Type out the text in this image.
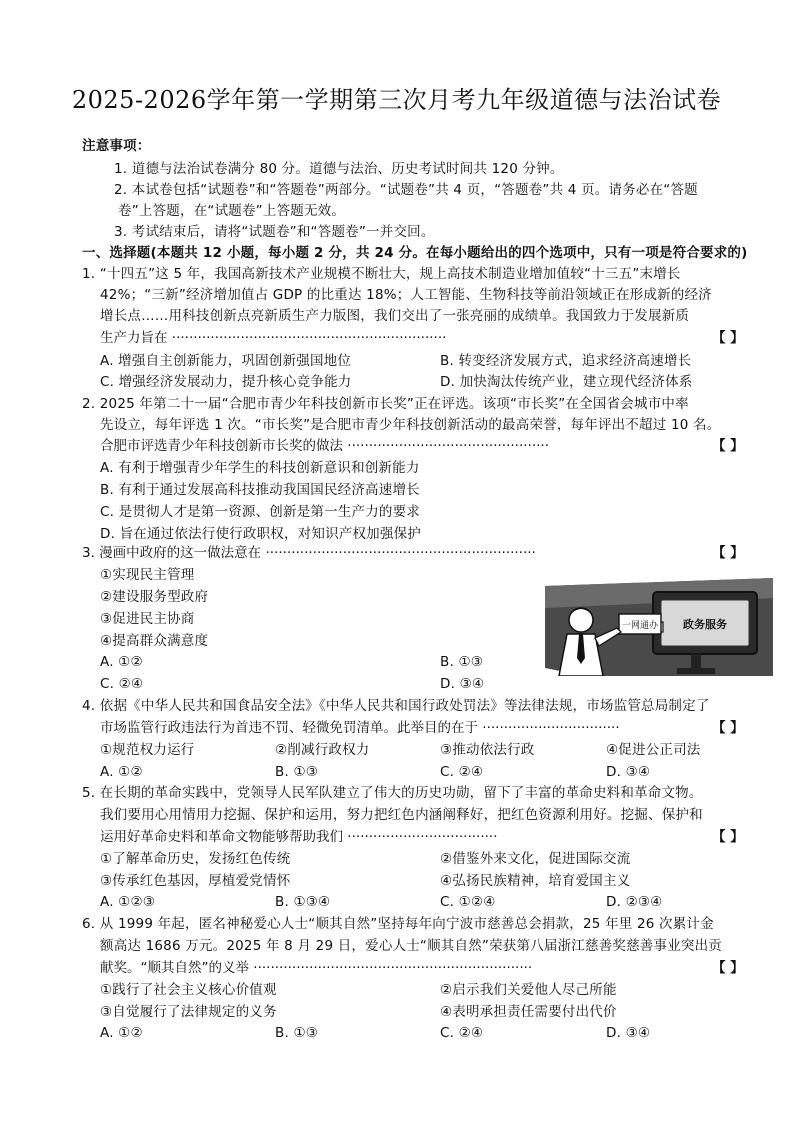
2025-2026学年第一学期第三次月考九年级道德与法治试卷
注意事项：
1. 道德与法治试卷满分 80 分。道德与法治、历史考试时间共 120 分钟。
2. 本试卷包括“试题卷”和“答题卷”两部分。“试题卷”共 4 页，“答题卷”共 4 页。请务必在“答题
卷”上答题，在“试题卷”上答题无效。
3. 考试结束后，请将“试题卷”和“答题卷”一并交回。
一、选择题(本题共 12 小题，每小题 2 分，共 24 分。在每小题给出的四个选项中，只有一项是符合要求的)
1. “十四五”这 5 年，我国高新技术产业规模不断壮大，规上高技术制造业增加值较“十三五”末增长
42%；“三新”经济增加值占 GDP 的比重达 18%；人工智能、生物科技等前沿领域正在形成新的经济
增长点……用科技创新点亮新质生产力版图，我们交出了一张亮丽的成绩单。我国致力于发展新质
生产力旨在 ································································	【 】
A. 增强自主创新能力，巩固创新强国地位	B. 转变经济发展方式，追求经济高速增长
C. 增强经济发展动力，提升核心竞争能力	D. 加快淘汰传统产业，建立现代经济体系
2. 2025 年第二十一届“合肥市青少年科技创新市长奖”正在评选。该项“市长奖”在全国省会城市中率
先设立，每年评选 1 次。“市长奖”是合肥市青少年科技创新活动的最高荣誉，每年评出不超过 10 名。
合肥市评选青少年科技创新市长奖的做法 ···············································	【 】
A. 有利于增强青少年学生的科技创新意识和创新能力
B. 有利于通过发展高科技推动我国国民经济高速增长
C. 是贯彻人才是第一资源、创新是第一生产力的要求
D. 旨在通过依法行使行政职权，对知识产权加强保护
3. 漫画中政府的这一做法意在 ·······························································	【 】
①实现民主管理
②建设服务型政府
③促进民主协商
④提高群众满意度
A. ①②	B. ①③
C. ②④	D. ③④
政务服务
一网通办
4. 依据《中华人民共和国食品安全法》《中华人民共和国行政处罚法》等法律法规，市场监管总局制定了
市场监管行政违法行为首违不罚、轻微免罚清单。此举目的在于 ································	【 】
①规范权力运行	②削减行政权力	③推动依法行政	④促进公正司法
A. ①②	B. ①③	C. ②④	D. ③④
5. 在长期的革命实践中，党领导人民军队建立了伟大的历史功勋，留下了丰富的革命史料和革命文物。
我们要用心用情用力挖掘、保护和运用，努力把红色内涵阐释好，把红色资源利用好。挖掘、保护和
运用好革命史料和革命文物能够帮助我们 ···································	【 】
①了解革命历史，发扬红色传统	②借鉴外来文化，促进国际交流
③传承红色基因，厚植爱党情怀	④弘扬民族精神，培育爱国主义
A. ①②③	B. ①③④	C. ①②④	D. ②③④
6. 从 1999 年起，匿名神秘爱心人士“顺其自然”坚持每年向宁波市慈善总会捐款，25 年里 26 次累计金
额高达 1686 万元。2025 年 8 月 29 日，爱心人士“顺其自然”荣获第八届浙江慈善奖慈善事业突出贡
献奖。“顺其自然”的义举 ·································································	【 】
①践行了社会主义核心价值观	②启示我们关爱他人尽己所能
③自觉履行了法律规定的义务	④表明承担责任需要付出代价
A. ①②	B. ①③	C. ②④	D. ③④
